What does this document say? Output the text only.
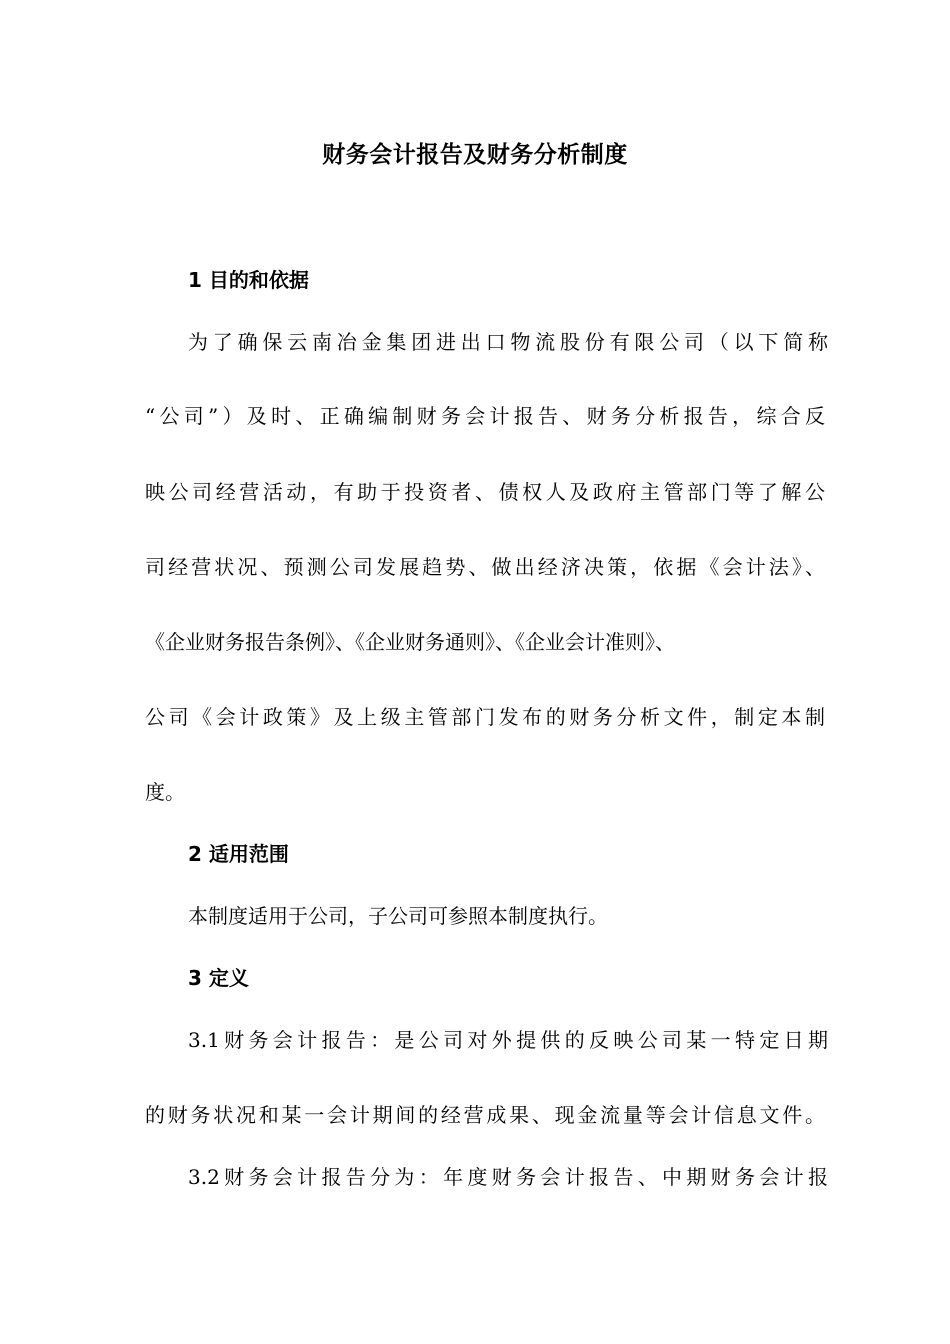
财务会计报告及财务分析制度

1 目的和依据

为了确保云南冶金集团进出口物流股份有限公司（以下简称

“公司”）及时、正确编制财务会计报告、财务分析报告，综合反

映公司经营活动，有助于投资者、债权人及政府主管部门等了解公

司经营状况、预测公司发展趋势、做出经济决策，依据《会计法》、

《企业财务报告条例》、《企业财务通则》、《企业会计准则》、

公司《会计政策》及上级主管部门发布的财务分析文件，制定本制

度。

2 适用范围

本制度适用于公司，子公司可参照本制度执行。

3 定义

3.1财务会计报告：是公司对外提供的反映公司某一特定日期

的财务状况和某一会计期间的经营成果、现金流量等会计信息文件。

3.2财务会计报告分为：年度财务会计报告、中期财务会计报
